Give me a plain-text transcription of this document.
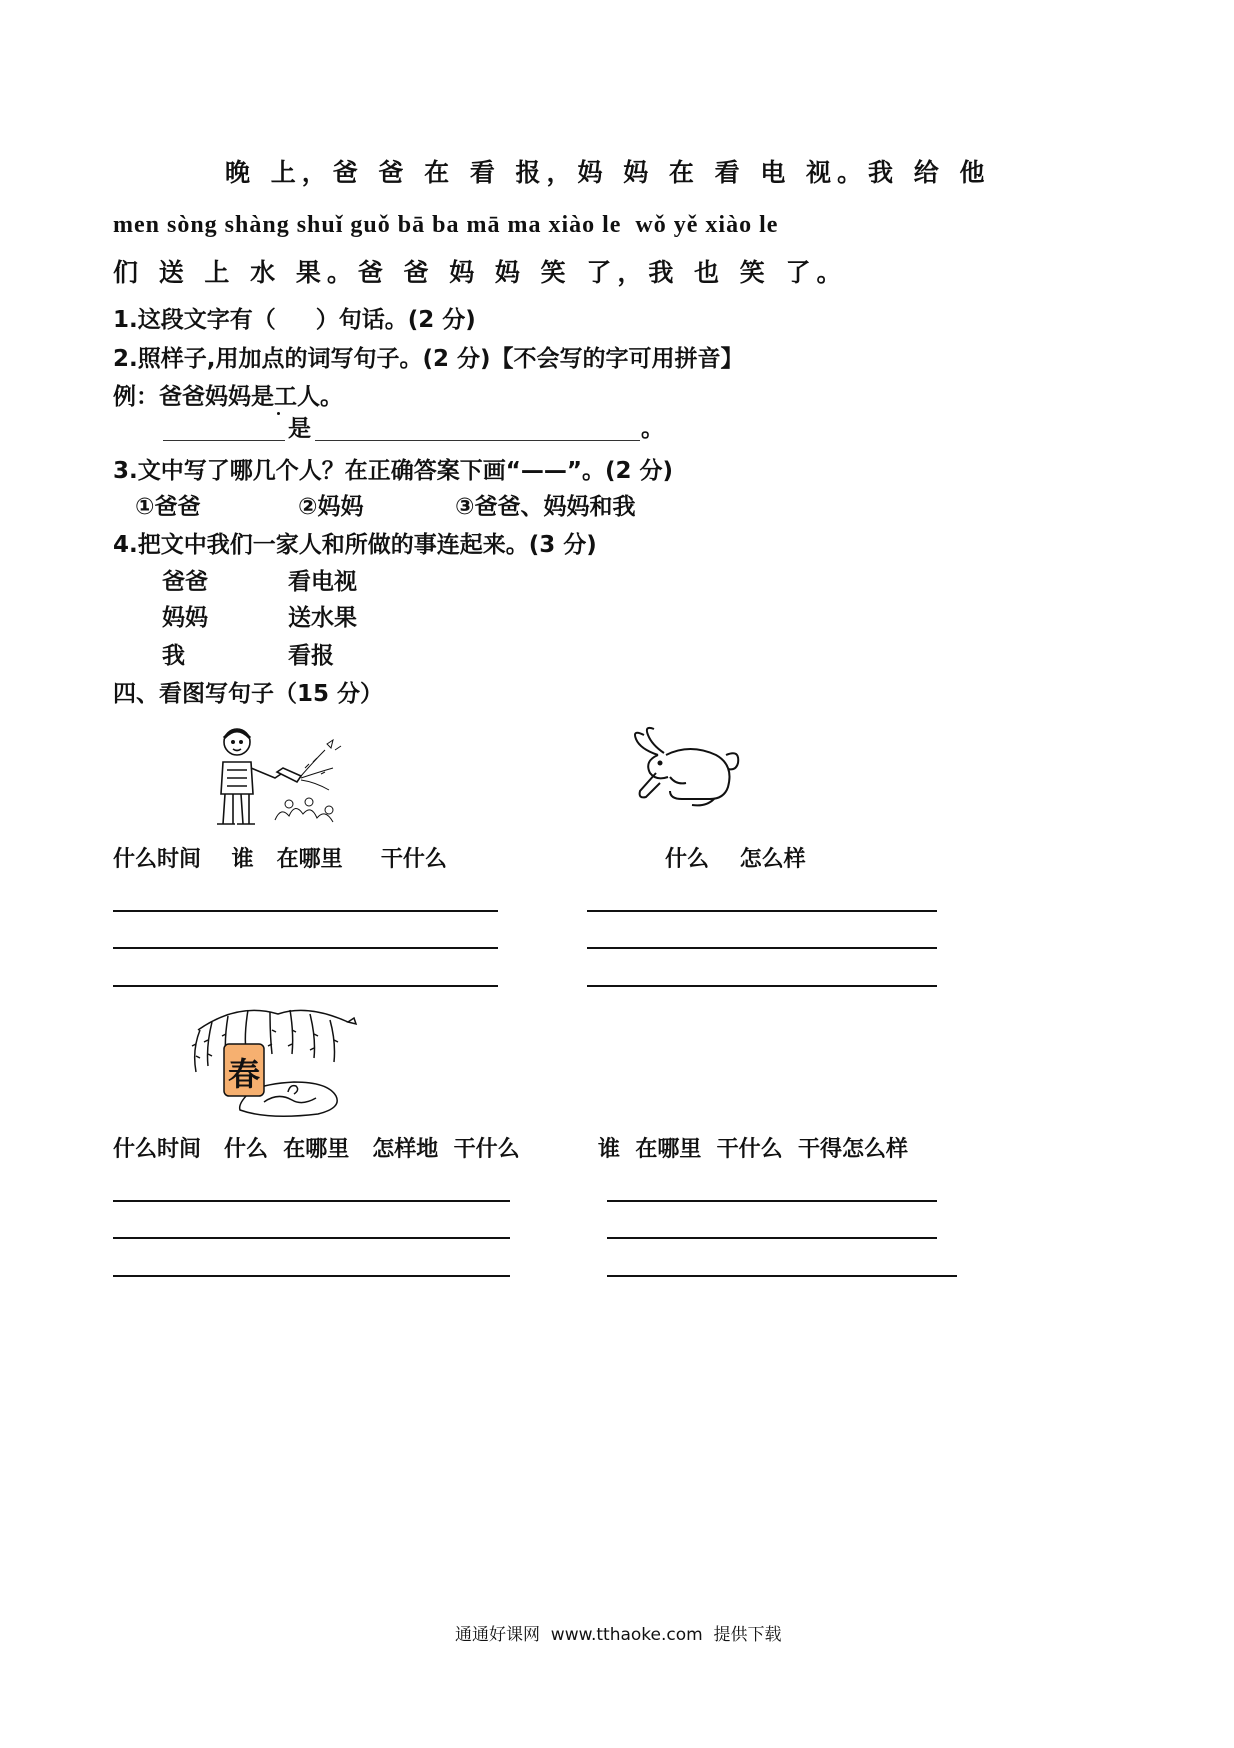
晚 上，爸 爸 在 看 报，妈 妈 在 看 电 视。我 给 他
men sòng shàng shuǐ guǒ bā ba mā ma xiào le  wǒ yě xiào le
们 送 上 水 果。爸 爸 妈 妈 笑 了，我 也 笑 了。
1.这段文字有（     ）句话。(2 分)
2.照样子,用加点的词写句子。(2 分)【不会写的字可用拼音】
例：爸爸妈妈是工人。
是	。
3.文中写了哪几个人？在正确答案下画“——”。(2 分)
①爸爸	②妈妈	③爸爸、妈妈和我
4.把文中我们一家人和所做的事连起来。(3 分)
爸爸	看电视
妈妈	送水果
我	看报
四、看图写句子（15 分）
什么时间    谁   在哪里     干什么	什么    怎么样
春
什么时间   什么  在哪里   怎样地  干什么	谁  在哪里  干什么  干得怎么样
通通好课网  www.tthaoke.com  提供下载
